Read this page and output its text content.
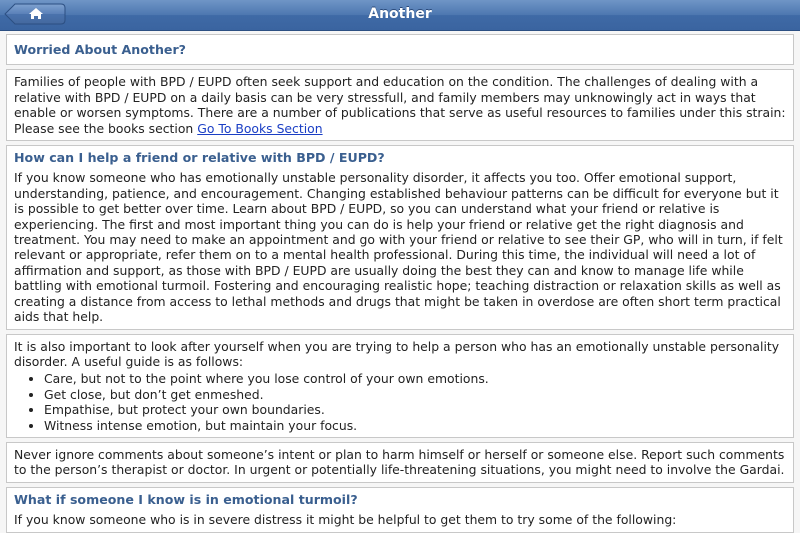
Another
Worried About Another?

Families of people with BPD / EUPD often seek support and education on the condition. The challenges of dealing with a relative with BPD / EUPD on a daily basis can be very stressfull, and family members may unknowingly act in ways that enable or worsen symptoms. There are a number of publications that serve as useful resources to families under this strain: Please see the books section Go To Books Section

How can I help a friend or relative with BPD / EUPD?

If you know someone who has emotionally unstable personality disorder, it affects you too. Offer emotional support, understanding, patience, and encouragement. Changing established behaviour patterns can be difficult for everyone but it is possible to get better over time. Learn about BPD / EUPD, so you can understand what your friend or relative is experiencing. The first and most important thing you can do is help your friend or relative get the right diagnosis and treatment. You may need to make an appointment and go with your friend or relative to see their GP, who will in turn, if felt relevant or appropriate, refer them on to a mental health professional. During this time, the individual will need a lot of affirmation and support, as those with BPD / EUPD are usually doing the best they can and know to manage life while battling with emotional turmoil. Fostering and encouraging realistic hope; teaching distraction or relaxation skills as well as creating a distance from access to lethal methods and drugs that might be taken in overdose are often short term practical aids that help.

It is also important to look after yourself when you are trying to help a person who has an emotionally unstable personality disorder. A useful guide is as follows:

• Care, but not to the point where you lose control of your own emotions.
• Get close, but don’t get enmeshed.
• Empathise, but protect your own boundaries.
• Witness intense emotion, but maintain your focus.

Never ignore comments about someone’s intent or plan to harm himself or herself or someone else. Report such comments to the person’s therapist or doctor. In urgent or potentially life-threatening situations, you might need to involve the Gardai.

What if someone I know is in emotional turmoil?

If you know someone who is in severe distress it might be helpful to get them to try some of the following:
